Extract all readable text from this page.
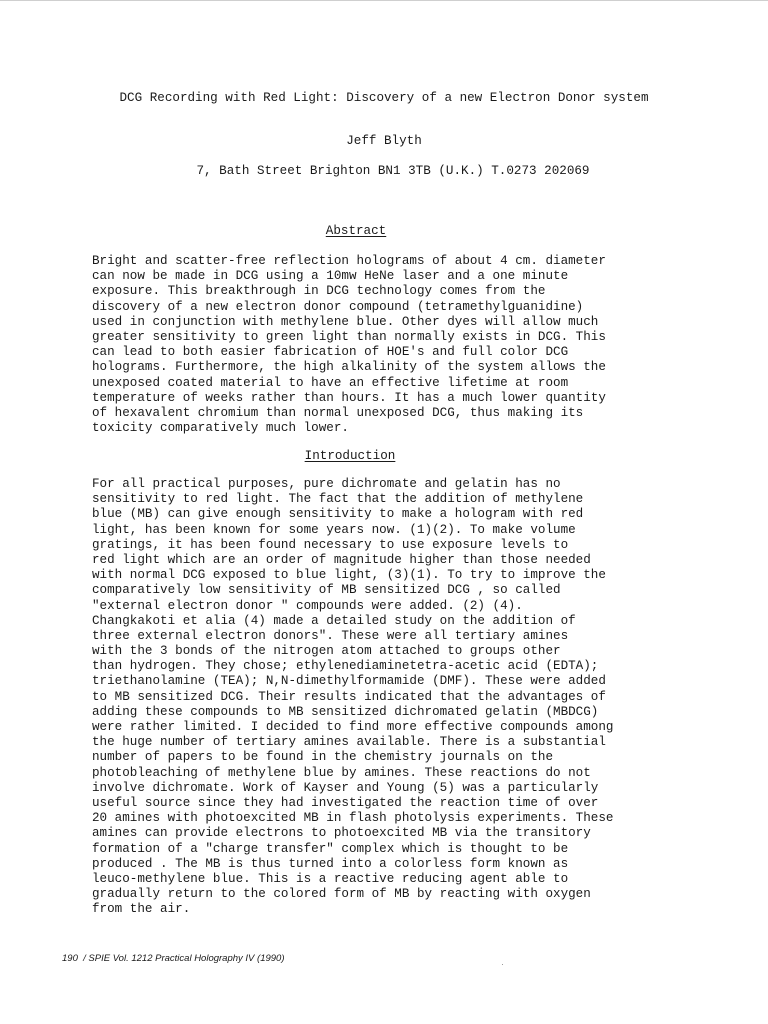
DCG Recording with Red Light: Discovery of a new Electron Donor system
Jeff Blyth
7, Bath Street Brighton BN1 3TB (U.K.) T.0273 202069
Abstract
Bright and scatter-free reflection holograms of about 4 cm. diameter
can now be made in DCG using a 10mw HeNe laser and a one minute
exposure. This breakthrough in DCG technology comes from the
discovery of a new electron donor compound (tetramethylguanidine)
used in conjunction with methylene blue. Other dyes will allow much
greater sensitivity to green light than normally exists in DCG. This
can lead to both easier fabrication of HOE's and full color DCG
holograms. Furthermore, the high alkalinity of the system allows the
unexposed coated material to have an effective lifetime at room
temperature of weeks rather than hours. It has a much lower quantity
of hexavalent chromium than normal unexposed DCG, thus making its
toxicity comparatively much lower.
Introduction
For all practical purposes, pure dichromate and gelatin has no
sensitivity to red light. The fact that the addition of methylene
blue (MB) can give enough sensitivity to make a hologram with red
light, has been known for some years now. (1)(2). To make volume
gratings, it has been found necessary to use exposure levels to
red light which are an order of magnitude higher than those needed
with normal DCG exposed to blue light, (3)(1). To try to improve the
comparatively low sensitivity of MB sensitized DCG , so called
"external electron donor " compounds were added. (2) (4).
Changkakoti et alia (4) made a detailed study on the addition of
three external electron donors". These were all tertiary amines
with the 3 bonds of the nitrogen atom attached to groups other
than hydrogen. They chose; ethylenediaminetetra-acetic acid (EDTA);
triethanolamine (TEA); N,N-dimethylformamide (DMF). These were added
to MB sensitized DCG. Their results indicated that the advantages of
adding these compounds to MB sensitized dichromated gelatin (MBDCG)
were rather limited. I decided to find more effective compounds among
the huge number of tertiary amines available. There is a substantial
number of papers to be found in the chemistry journals on the
photobleaching of methylene blue by amines. These reactions do not
involve dichromate. Work of Kayser and Young (5) was a particularly
useful source since they had investigated the reaction time of over
20 amines with photoexcited MB in flash photolysis experiments. These
amines can provide electrons to photoexcited MB via the transitory
formation of a "charge transfer" complex which is thought to be
produced . The MB is thus turned into a colorless form known as
leuco-methylene blue. This is a reactive reducing agent able to
gradually return to the colored form of MB by reacting with oxygen
from the air.
190  / SPIE Vol. 1212 Practical Holography IV (1990)
